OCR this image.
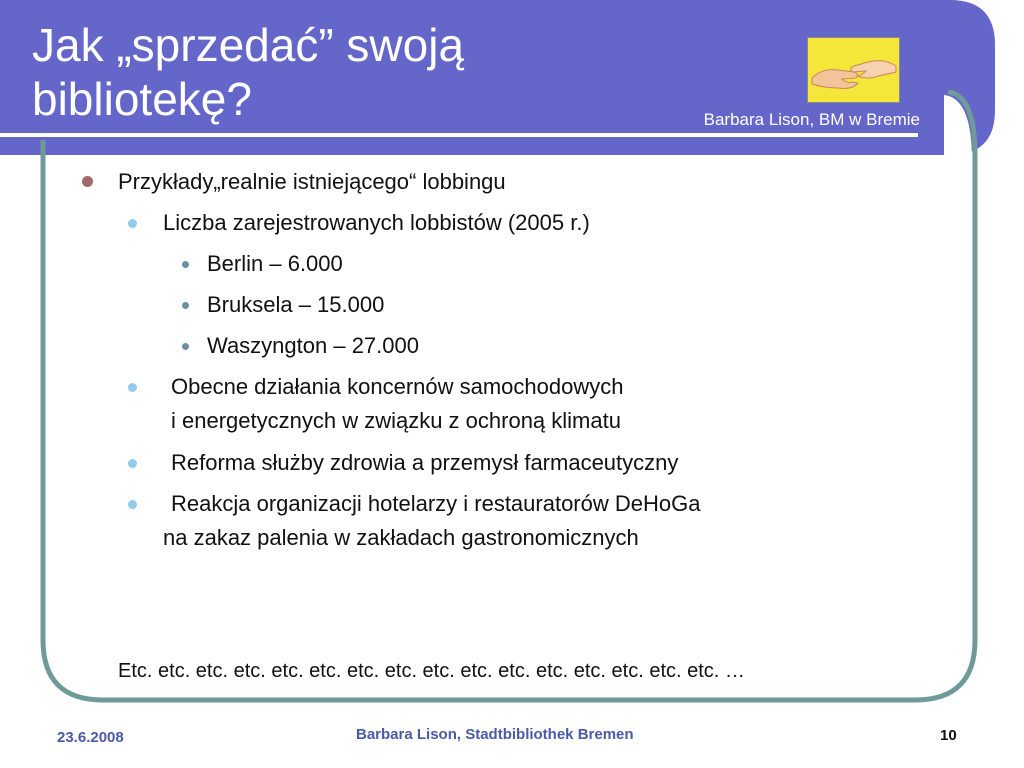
Jak „sprzedać” swoją
bibliotekę?	Barbara Lison, BM w Bremie
Przykłady„realnie istniejącego“ lobbingu
Liczba zarejestrowanych lobbistów (2005 r.)
Berlin – 6.000
Bruksela – 15.000
Waszyngton – 27.000
Obecne działania koncernów samochodowych
i energetycznych w związku z ochroną klimatu
Reforma służby zdrowia a przemysł farmaceutyczny
Reakcja organizacji hotelarzy i restauratorów DeHoGa
na zakaz palenia w zakładach gastronomicznych
Etc. etc. etc. etc. etc. etc. etc. etc. etc. etc. etc. etc. etc. etc. etc. etc. …
23.6.2008	Barbara Lison, Stadtbibliothek Bremen	10
